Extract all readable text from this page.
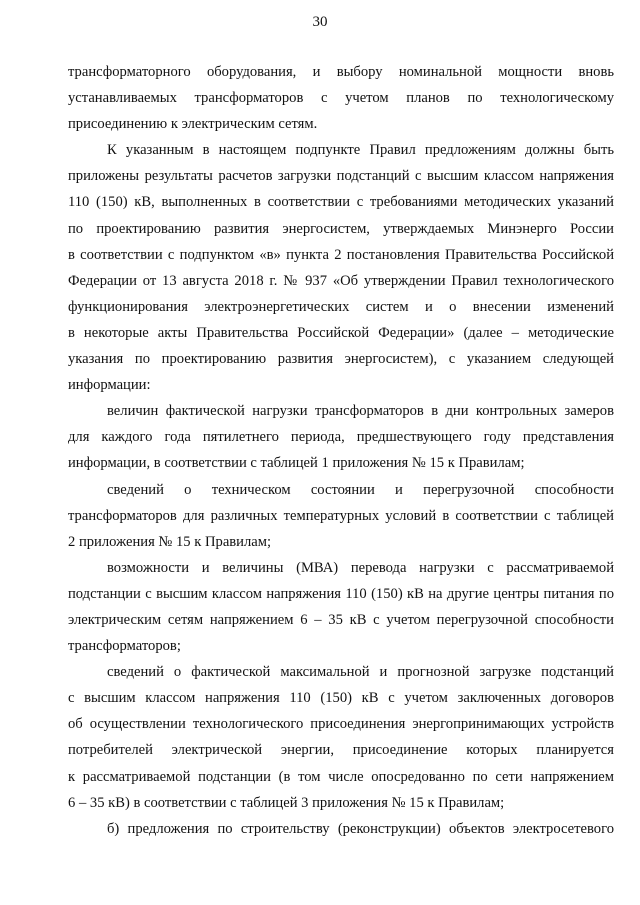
30
трансформаторного оборудования, и выбору номинальной мощности вновь
устанавливаемых трансформаторов с учетом планов по технологическому
присоединению к электрическим сетям.
К указанным в настоящем подпункте Правил предложениям должны быть
приложены результаты расчетов загрузки подстанций с высшим классом напряжения
110 (150) кВ, выполненных в соответствии с требованиями методических указаний
по проектированию развития энергосистем, утверждаемых Минэнерго России
в соответствии с подпунктом «в» пункта 2 постановления Правительства Российской
Федерации от 13 августа 2018 г. № 937 «Об утверждении Правил технологического
функционирования электроэнергетических систем и о внесении изменений
в некоторые акты Правительства Российской Федерации» (далее – методические
указания по проектированию развития энергосистем), с указанием следующей
информации:
величин фактической нагрузки трансформаторов в дни контрольных замеров
для каждого года пятилетнего периода, предшествующего году представления
информации, в соответствии с таблицей 1 приложения № 15 к Правилам;
сведений о техническом состоянии и перегрузочной способности
трансформаторов для различных температурных условий в соответствии с таблицей
2 приложения № 15 к Правилам;
возможности и величины (МВА) перевода нагрузки с рассматриваемой
подстанции с высшим классом напряжения 110 (150) кВ на другие центры питания по
электрическим сетям напряжением 6 – 35 кВ с учетом перегрузочной способности
трансформаторов;
сведений о фактической максимальной и прогнозной загрузке подстанций
с высшим классом напряжения 110 (150) кВ с учетом заключенных договоров
об осуществлении технологического присоединения энергопринимающих устройств
потребителей электрической энергии, присоединение которых планируется
к рассматриваемой подстанции (в том числе опосредованно по сети напряжением
6 – 35 кВ) в соответствии с таблицей 3 приложения № 15 к Правилам;
б) предложения по строительству (реконструкции) объектов электросетевого
